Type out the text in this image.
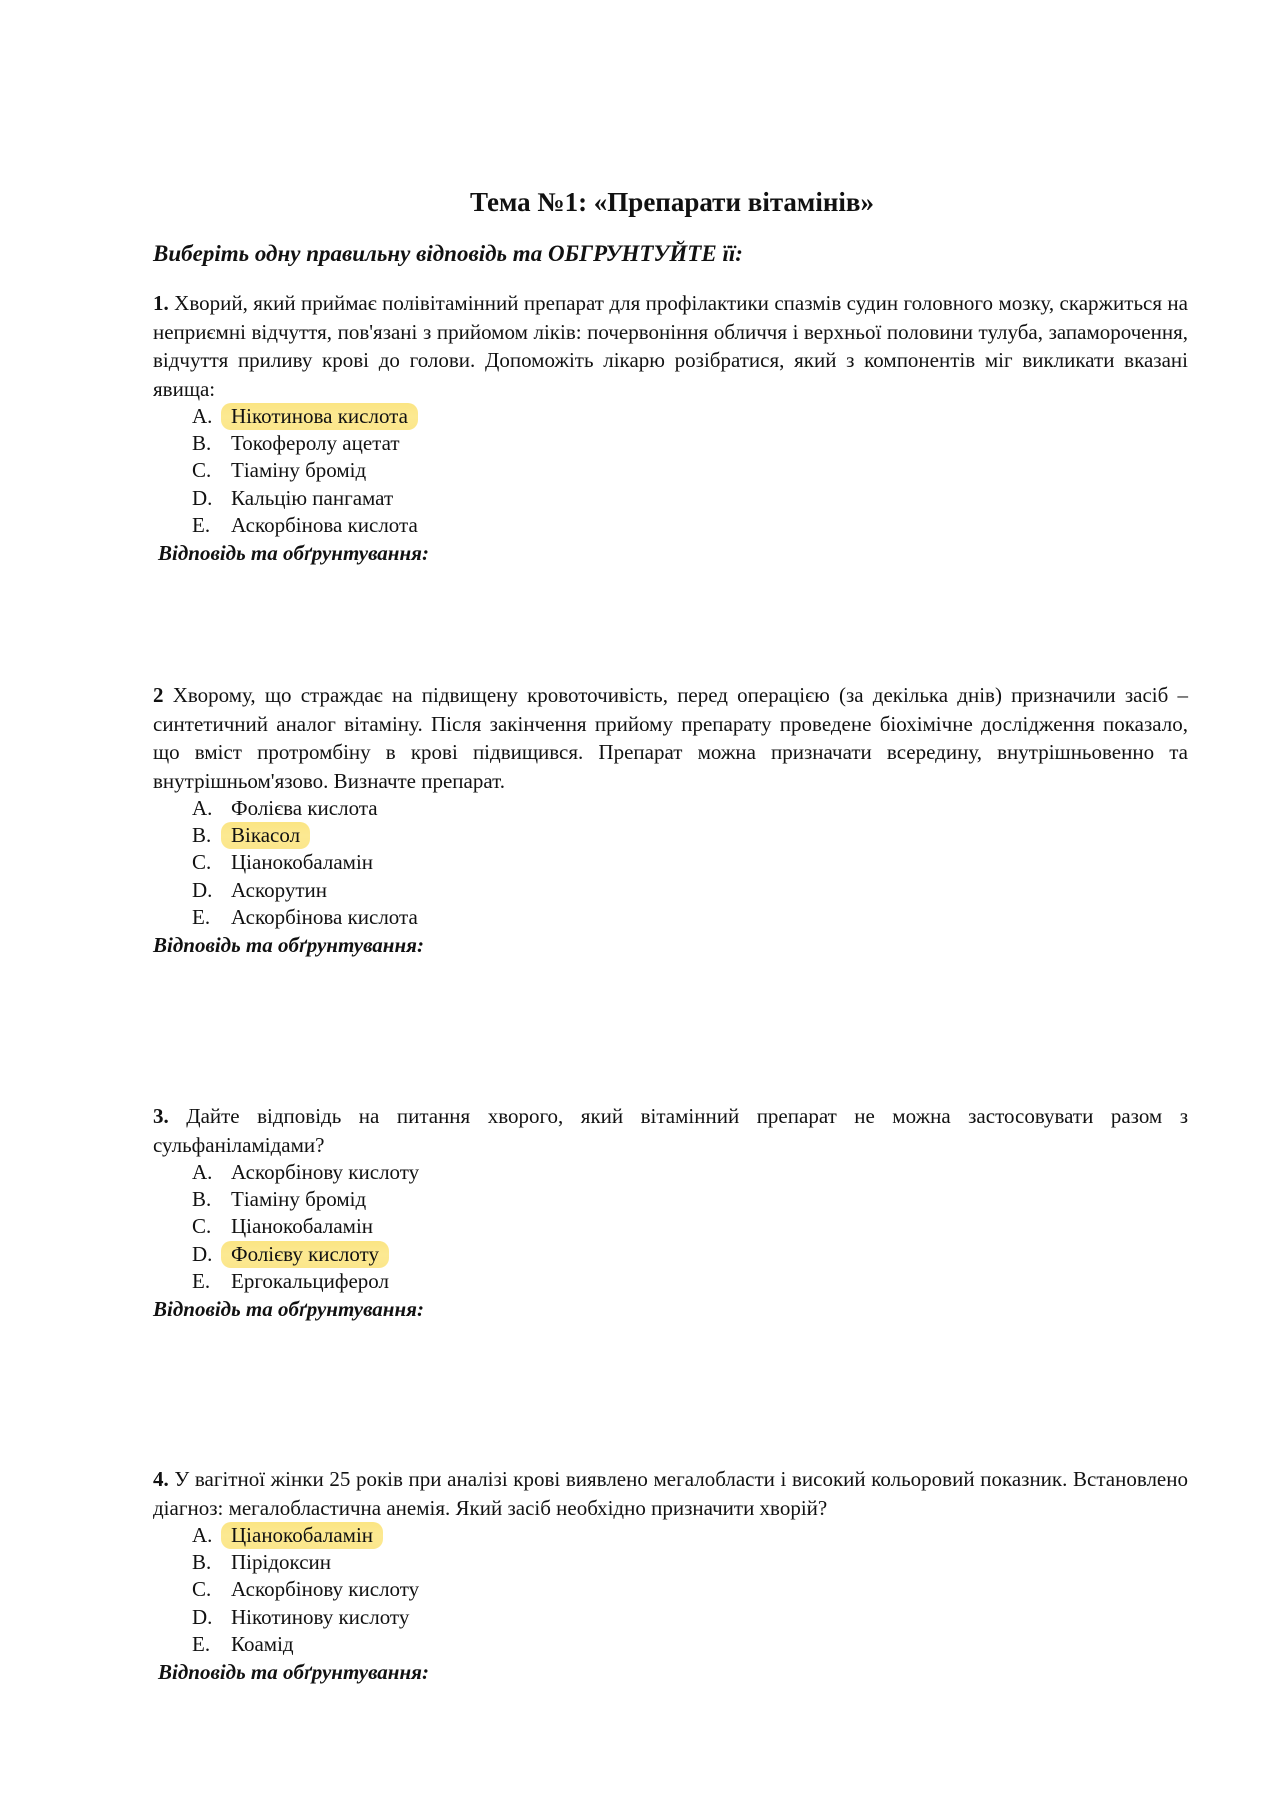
Тема №1: «Препарати вітамінів»
Виберіть одну правильну відповідь та ОБГРУНТУЙТЕ її:

1. Хворий, який приймає полівітамінний препарат для профілактики спазмів судин головного мозку, скаржиться на неприємні відчуття, пов'язані з прийомом ліків: почервоніння обличчя і верхньої половини тулуба, запаморочення, відчуття приливу крові до голови. Допоможіть лікарю розібратися, який з компонентів міг викликати вказані явища:

A. Нікотинова кислота
B. Токоферолу ацетат
C. Тіаміну бромід
D. Кальцію пангамат
E. Аскорбінова кислота

Відповідь та обґрунтування:

2 Хворому, що страждає на підвищену кровоточивість, перед операцією (за декілька днів) призначили засіб – синтетичний аналог вітаміну. Після закінчення прийому препарату проведене біохімічне дослідження показало, що вміст протромбіну в крові підвищився. Препарат можна призначати всередину, внутрішньовенно та внутрішньом'язово. Визначте препарат.

A. Фолієва кислота
B. Вікасол
C. Ціанокобаламін
D. Аскорутин
E. Аскорбінова кислота

Відповідь та обґрунтування:

3. Дайте відповідь на питання хворого, який вітамінний препарат не можна застосовувати разом з сульфаніламідами?

A. Аскорбінову кислоту
B. Тіаміну бромід
C. Ціанокобаламін
D. Фолієву кислоту
E. Ергокальциферол

Відповідь та обґрунтування:

4. У вагітної жінки 25 років при аналізі крові виявлено мегалобласти і високий кольоровий показник. Встановлено діагноз: мегалобластична анемія. Який засіб необхідно призначити хворій?

A. Ціанокобаламін
B. Пірідоксин
C. Аскорбінову кислоту
D. Нікотинову кислоту
E. Коамід

Відповідь та обґрунтування:
